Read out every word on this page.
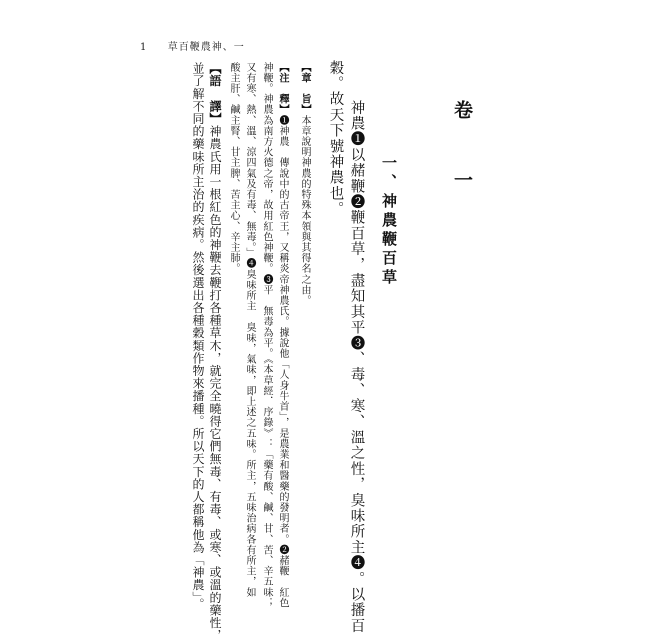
1 草百鞭農神、一
卷 一
一、神農鞭百草
神農❶以赭鞭❷鞭百草，盡知其平❸、毒、寒、溫之性，臭味所主❹。以播百
穀。故天下號神農也。
【章　旨】本章說明神農的特殊本領與其得名之由。
【注　釋】❶神農　傳說中的古帝王，又稱炎帝神農氏。據說他「人身牛首」，是農業和醫藥的發明者。❷赭鞭　紅色
神鞭。神農為南方火德之帝，故用紅色神鞭。❸平　無毒為平。《本草經．序錄》：「藥有酸、鹹、甘、苦、辛五味；
又有寒、熱、溫、涼四氣及有毒、無毒。」❹臭味所主　臭味，氣味，即上述之五味。所主，五味治病各有所主，如
酸主肝、鹹主腎、甘主脾、苦主心、辛主肺。
【語　譯】神農氏用一根紅色的神鞭去鞭打各種草木，就完全曉得它們無毒、有毒、或寒、或溫的藥性，
並了解不同的藥味所主治的疾病。然後選出各種穀類作物來播種。所以天下的人都稱他為「神農」。
